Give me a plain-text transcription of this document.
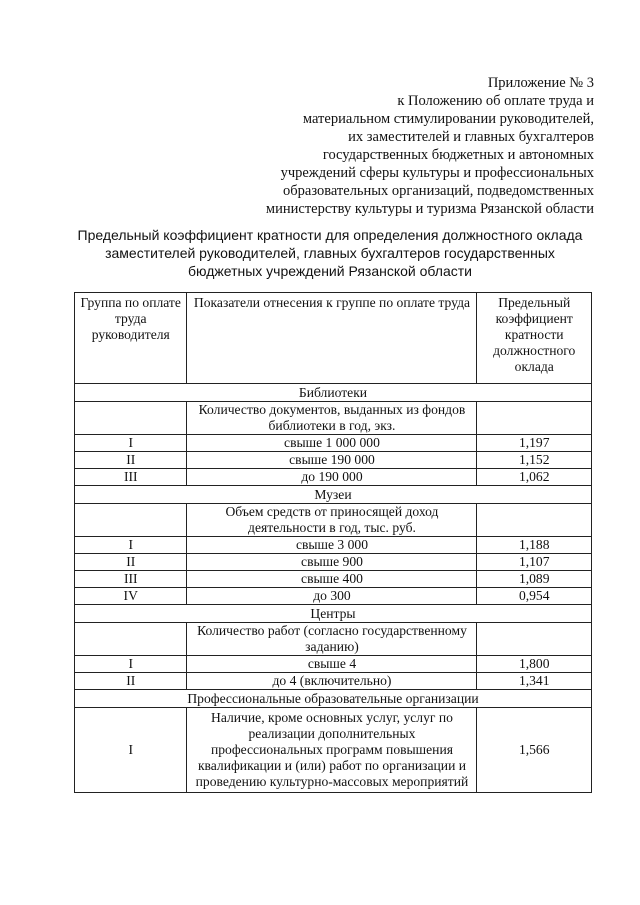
Приложение № 3
к Положению об оплате труда и
материальном стимулировании руководителей,
их заместителей и главных бухгалтеров
государственных бюджетных и автономных
учреждений сферы культуры и профессиональных
образовательных организаций, подведомственных
министерству культуры и туризма Рязанской области
Предельный коэффициент кратности для определения должностного оклада
заместителей руководителей, главных бухгалтеров государственных
бюджетных учреждений Рязанской области
Группа по оплате труда руководителя	Показатели отнесения к группе по оплате труда	Предельный коэффициент кратности должностного оклада
Библиотеки		
	Количество документов, выданных из фондов библиотеки в год, экз.	
I	свыше 1 000 000	1,197
II	свыше 190 000	1,152
III	до 190 000	1,062
Музеи		
	Объем средств от приносящей доход деятельности в год, тыс. руб.	
I	свыше 3 000	1,188
II	свыше 900	1,107
III	свыше 400	1,089
IV	до 300	0,954
Центры		
	Количество работ (согласно государственному заданию)	
I	свыше 4	1,800
II	до 4 (включительно)	1,341
Профессиональные образовательные организации		
I	Наличие, кроме основных услуг, услуг по реализации дополнительных профессиональных программ повышения квалификации и (или) работ по организации и проведению культурно-массовых мероприятий	1,566
